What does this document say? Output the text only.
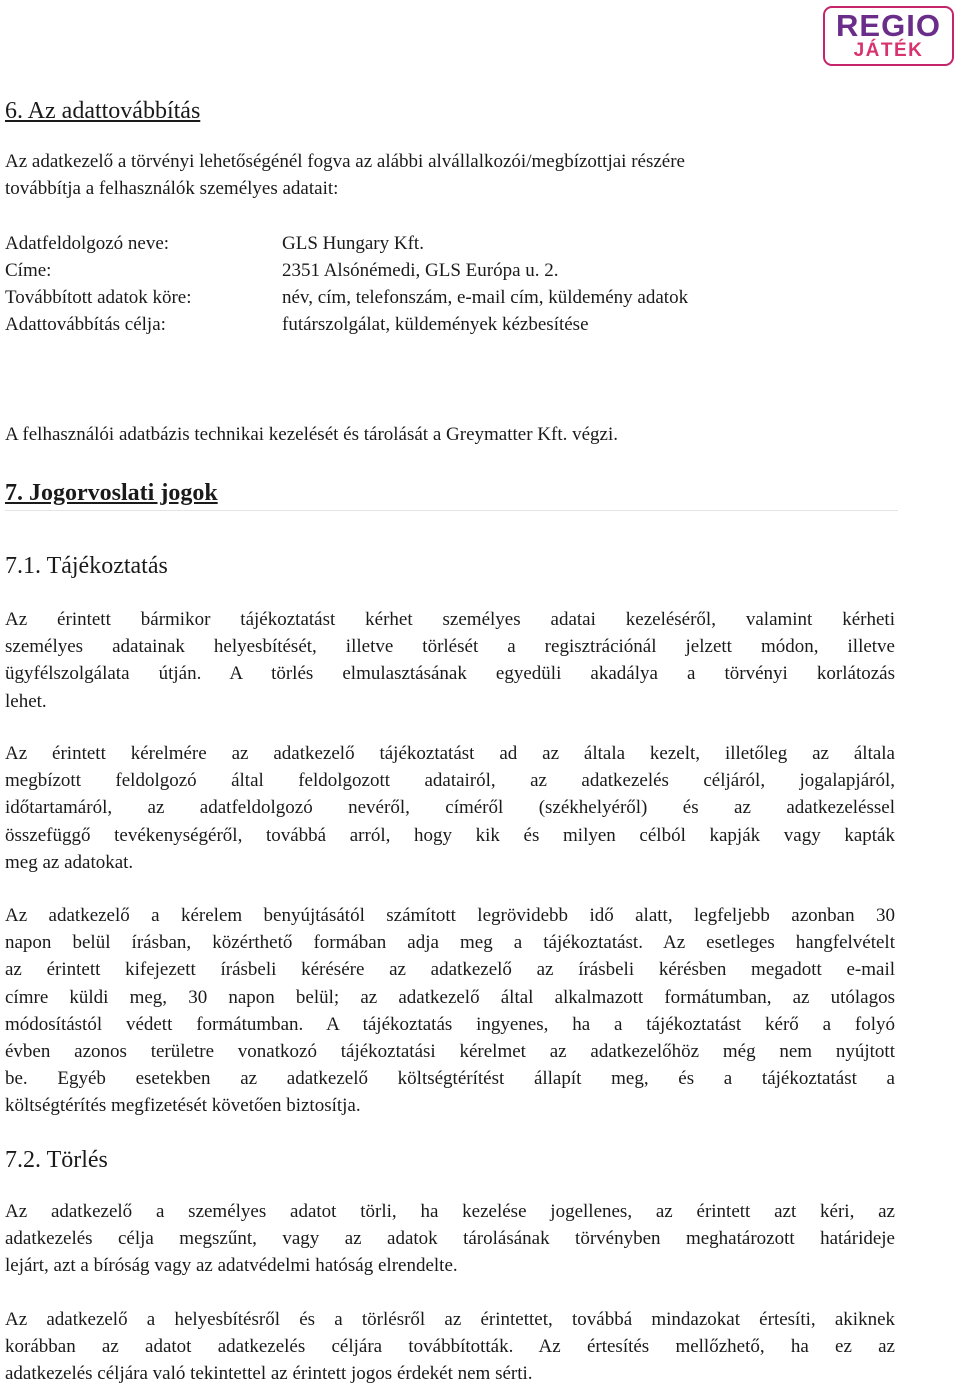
REGIO
JÁTÉK
6. Az adattovábbítás
Az adatkezelő a törvényi lehetőségénél fogva az alábbi alvállalkozói/megbízottjai részére
továbbítja a felhasználók személyes adatait:
Adatfeldolgozó neve:	GLS Hungary Kft.
Címe:	2351 Alsónémedi, GLS Európa u. 2.
Továbbított adatok köre:	név, cím, telefonszám, e-mail cím, küldemény adatok
Adattovábbítás célja:	futárszolgálat, küldemények kézbesítése
A felhasználói adatbázis technikai kezelését és tárolását a Greymatter Kft. végzi.
7. Jogorvoslati jogok
7.1. Tájékoztatás
Az érintett bármikor tájékoztatást kérhet személyes adatai kezeléséről, valamint kérheti
személyes adatainak helyesbítését, illetve törlését a regisztrációnál jelzett módon, illetve
ügyfélszolgálata útján. A törlés elmulasztásának egyedüli akadálya a törvényi korlátozás
lehet.
Az érintett kérelmére az adatkezelő tájékoztatást ad az általa kezelt, illetőleg az általa
megbízott feldolgozó által feldolgozott adatairól, az adatkezelés céljáról, jogalapjáról,
időtartamáról, az adatfeldolgozó nevéről, címéről (székhelyéről) és az adatkezeléssel
összefüggő tevékenységéről, továbbá arról, hogy kik és milyen célból kapják vagy kapták
meg az adatokat.
Az adatkezelő a kérelem benyújtásától számított legrövidebb idő alatt, legfeljebb azonban 30
napon belül írásban, közérthető formában adja meg a tájékoztatást. Az esetleges hangfelvételt
az érintett kifejezett írásbeli kérésére az adatkezelő az írásbeli kérésben megadott e-mail
címre küldi meg, 30 napon belül; az adatkezelő által alkalmazott formátumban, az utólagos
módosítástól védett formátumban. A tájékoztatás ingyenes, ha a tájékoztatást kérő a folyó
évben azonos területre vonatkozó tájékoztatási kérelmet az adatkezelőhöz még nem nyújtott
be. Egyéb esetekben az adatkezelő költségtérítést állapít meg, és a tájékoztatást a
költségtérítés megfizetését követően biztosítja.
7.2. Törlés
Az adatkezelő a személyes adatot törli, ha kezelése jogellenes, az érintett azt kéri, az
adatkezelés célja megszűnt, vagy az adatok tárolásának törvényben meghatározott határideje
lejárt, azt a bíróság vagy az adatvédelmi hatóság elrendelte.
Az adatkezelő a helyesbítésről és a törlésről az érintettet, továbbá mindazokat értesíti, akiknek
korábban az adatot adatkezelés céljára továbbították. Az értesítés mellőzhető, ha ez az
adatkezelés céljára való tekintettel az érintett jogos érdekét nem sérti.
